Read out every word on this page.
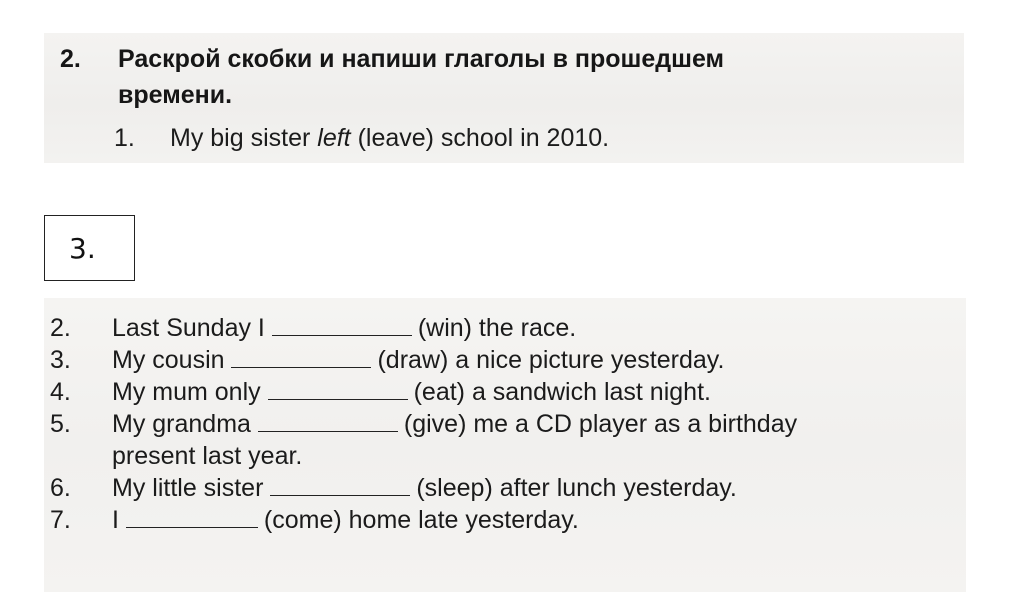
2. Раскрой скобки и напиши глаголы в прошедшем
времени.
1. My big sister left (leave) school in 2010.
3.
2.	Last Sunday I	(win) the race.
3.	My cousin	(draw) a nice picture yesterday.
4.	My mum only	(eat) a sandwich last night.
5.	My grandma	(give) me a CD player as a birthday
present last year.
6.	My little sister	(sleep) after lunch yesterday.
7.	I	(come) home late yesterday.
